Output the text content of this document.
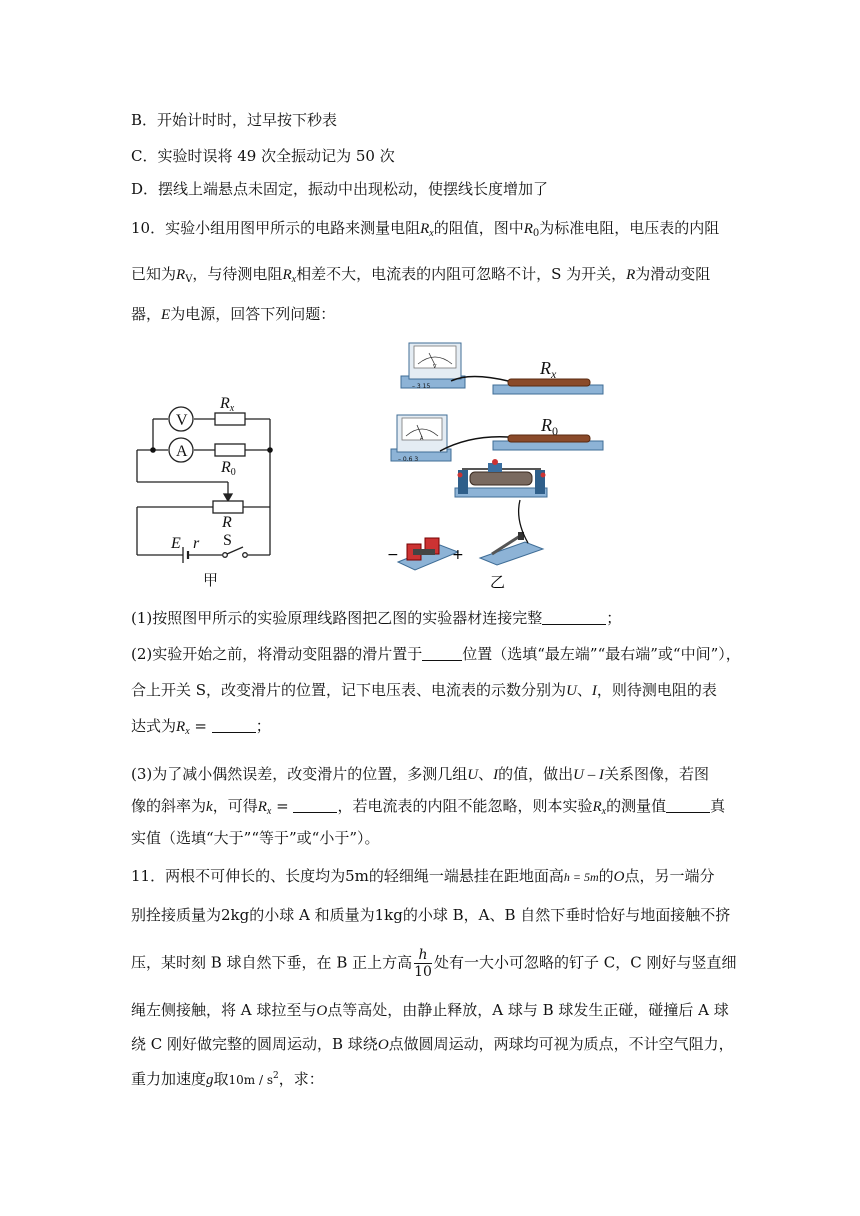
B．开始计时时，过早按下秒表
C．实验时误将 49 次全振动记为 50 次
D．摆线上端悬点未固定，振动中出现松动，使摆线长度增加了
10．实验小组用图甲所示的电路来测量电阻$R_x$的阻值，图中$R_0$为标准电阻，电压表的内阻
已知为$R_V$，与待测电阻$R_x$相差不大，电流表的内阻可忽略不计，S 为开关，R为滑动变阻
器，E为电源，回答下列问题：
V
A
Rx
R0
R
E r S
甲
V
– 3 15
A
– 0.6 3
−	+
$R_x$
$R_0$
乙
(1)按照图甲所示的实验原理线路图把乙图的实验器材连接完整	；
(2)实验开始之前，将滑动变阻器的滑片置于	位置（选填“最左端”“最右端”或“中间”），
合上开关 S，改变滑片的位置，记下电压表、电流表的示数分别为U、I，则待测电阻的表
达式为$R_x$ =	；
(3)为了减小偶然误差，改变滑片的位置，多测几组U、I的值，做出U – I关系图像，若图
像的斜率为k，可得$R_x$ =	，若电流表的内阻不能忽略，则本实验$R_x$的测量值	真
实值（选填“大于”“等于”或“小于”）。
11．两根不可伸长的、长度均为5m的轻细绳一端悬挂在距地面高h = 5m的O点，另一端分
别拴接质量为2kg的小球 A 和质量为1kg的小球 B，A、B 自然下垂时恰好与地面接触不挤
压，某时刻 B 球自然下垂，在 B 正上方高 $\frac{h}{10}$ 处有一大小可忽略的钉子 C，C 刚好与竖直细
绳左侧接触，将 A 球拉至与O点等高处，由静止释放，A 球与 B 球发生正碰，碰撞后 A 球
绕 C 刚好做完整的圆周运动，B 球绕O点做圆周运动，两球均可视为质点，不计空气阻力，
重力加速度g取$10m / s^2$，求：
